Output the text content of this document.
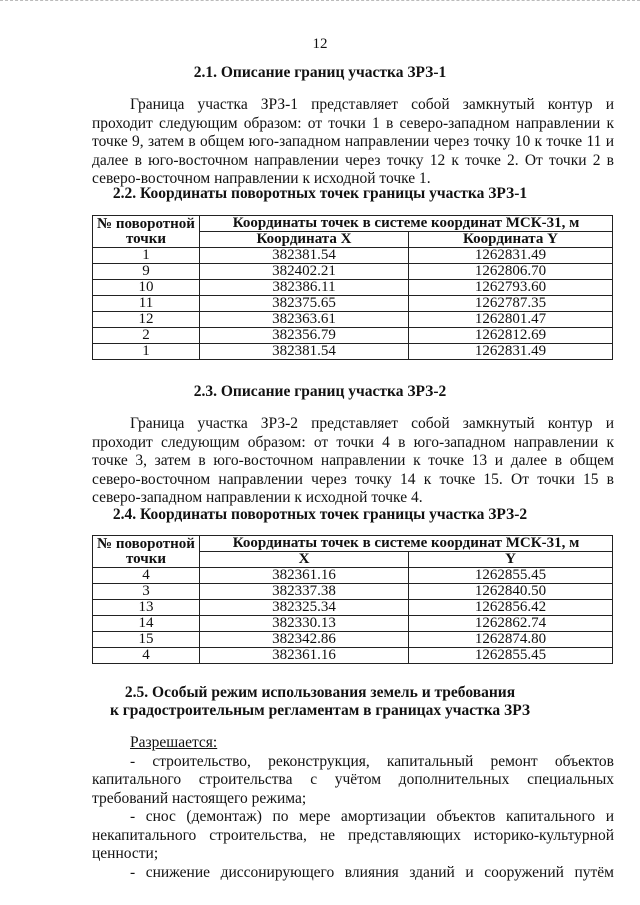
12
2.1. Описание границ участка ЗРЗ-1
Граница участка ЗРЗ-1 представляет собой замкнутый контур и проходит следующим образом: от точки 1 в северо-западном направлении к точке 9, затем в общем юго-западном направлении через точку 10 к точке 11 и далее в юго-восточном направлении через точку 12 к точке 2. От точки 2 в северо-восточном направлении к исходной точке 1.
2.2. Координаты поворотных точек границы участка ЗРЗ-1
№ поворотной точки	Координаты точек в системе координат МСК-31, м	
	Координата X	Координата Y
1	382381.54	1262831.49
9	382402.21	1262806.70
10	382386.11	1262793.60
11	382375.65	1262787.35
12	382363.61	1262801.47
2	382356.79	1262812.69
1	382381.54	1262831.49
2.3. Описание границ участка ЗРЗ-2
Граница участка ЗРЗ-2 представляет собой замкнутый контур и проходит следующим образом: от точки 4 в юго-западном направлении к точке 3, затем в юго-восточном направлении к точке 13 и далее в общем северо-восточном направлении через точку 14 к точке 15. От точки 15 в северо-западном направлении к исходной точке 4.
2.4. Координаты поворотных точек границы участка ЗРЗ-2
№ поворотной точки	Координаты точек в системе координат МСК-31, м	
	X	Y
4	382361.16	1262855.45
3	382337.38	1262840.50
13	382325.34	1262856.42
14	382330.13	1262862.74
15	382342.86	1262874.80
4	382361.16	1262855.45
2.5. Особый режим использования земель и требования
к градостроительным регламентам в границах участка ЗРЗ

Разрешается:

- строительство, реконструкция, капитальный ремонт объектов капитального строительства с учётом дополнительных специальных требований настоящего режима;

- снос (демонтаж) по мере амортизации объектов капитального и некапитального строительства, не представляющих историко-культурной ценности;

- снижение диссонирующего влияния зданий и сооружений путём
